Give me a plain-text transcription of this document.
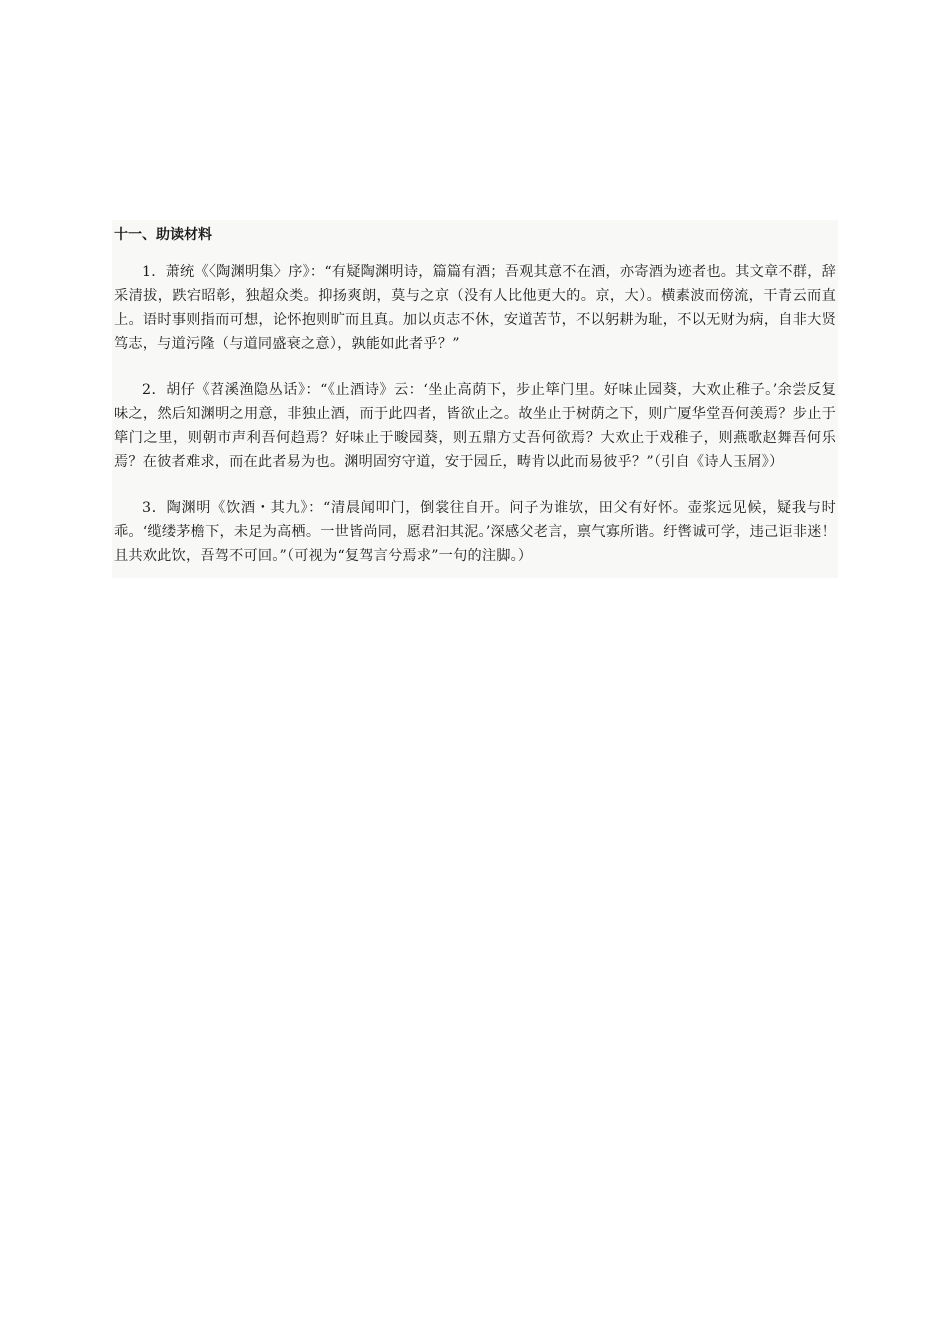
十一、助读材料

1．萧统《〈陶渊明集〉序》：“有疑陶渊明诗，篇篇有酒；吾观其意不在酒，亦寄酒为迹者也。其文章不群，辞采清拔，跌宕昭彰，独超众类。抑扬爽朗，莫与之京（没有人比他更大的。京，大）。横素波而傍流，干青云而直上。语时事则指而可想，论怀抱则旷而且真。加以贞志不休，安道苦节，不以躬耕为耻，不以无财为病，自非大贤笃志，与道污隆（与道同盛衰之意），孰能如此者乎？”

2．胡仔《苕溪渔隐丛话》：“《止酒诗》云：‘坐止高荫下，步止筚门里。好味止园葵，大欢止稚子。’余尝反复味之，然后知渊明之用意，非独止酒，而于此四者，皆欲止之。故坐止于树荫之下，则广厦华堂吾何羡焉？步止于筚门之里，则朝市声利吾何趋焉？好味止于畯园葵，则五鼎方丈吾何欲焉？大欢止于戏稚子，则燕歌赵舞吾何乐焉？在彼者难求，而在此者易为也。渊明固穷守道，安于园丘，畴肯以此而易彼乎？”（引自《诗人玉屑》）

3．陶渊明《饮酒・其九》：“清晨闻叩门，倒裳往自开。问子为谁欤，田父有好怀。壶浆远见候，疑我与时乖。‘缆缕茅檐下，未足为高栖。一世皆尚同，愿君汩其泥。’深感父老言，禀气寡所谐。纡辔诚可学，违己讵非迷！且共欢此饮，吾驾不可回。”（可视为“复驾言兮焉求”一句的注脚。）
